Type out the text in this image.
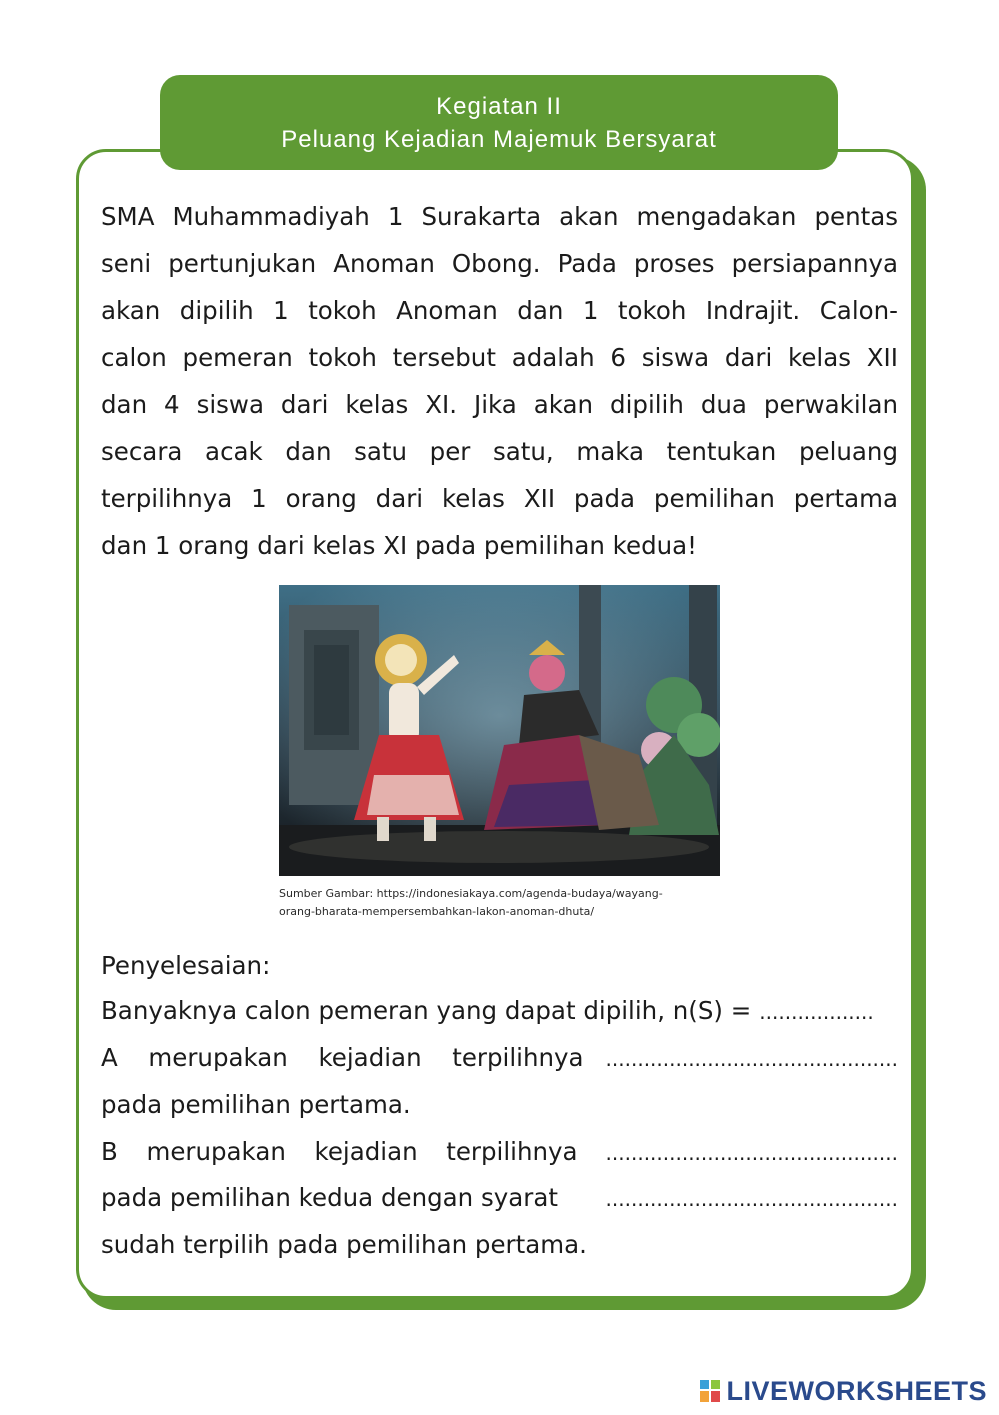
Kegiatan II
Peluang Kejadian Majemuk Bersyarat

SMA Muhammadiyah 1 Surakarta akan mengadakan pentas
seni pertunjukan Anoman Obong. Pada proses persiapannya
akan dipilih 1 tokoh Anoman dan 1 tokoh Indrajit. Calon-
calon pemeran tokoh tersebut adalah 6 siswa dari kelas XII
dan 4 siswa dari kelas XI. Jika akan dipilih dua perwakilan
secara acak dan satu per satu, maka tentukan peluang
terpilihnya 1 orang dari kelas XII pada pemilihan pertama
dan 1 orang dari kelas XI pada pemilihan kedua!

Sumber Gambar: https://indonesiakaya.com/agenda-budaya/wayang-
orang-bharata-mempersembahkan-lakon-anoman-dhuta/
Penyelesaian:
Banyaknya calon pemeran yang dapat dipilih, n(S) = ..................
A merupakan kejadian terpilihnya ..............................................
pada pemilihan pertama.
B merupakan kejadian terpilihnya ..............................................
pada pemilihan kedua dengan syarat	..............................................
sudah terpilih pada pemilihan pertama.
LIVEWORKSHEETS
